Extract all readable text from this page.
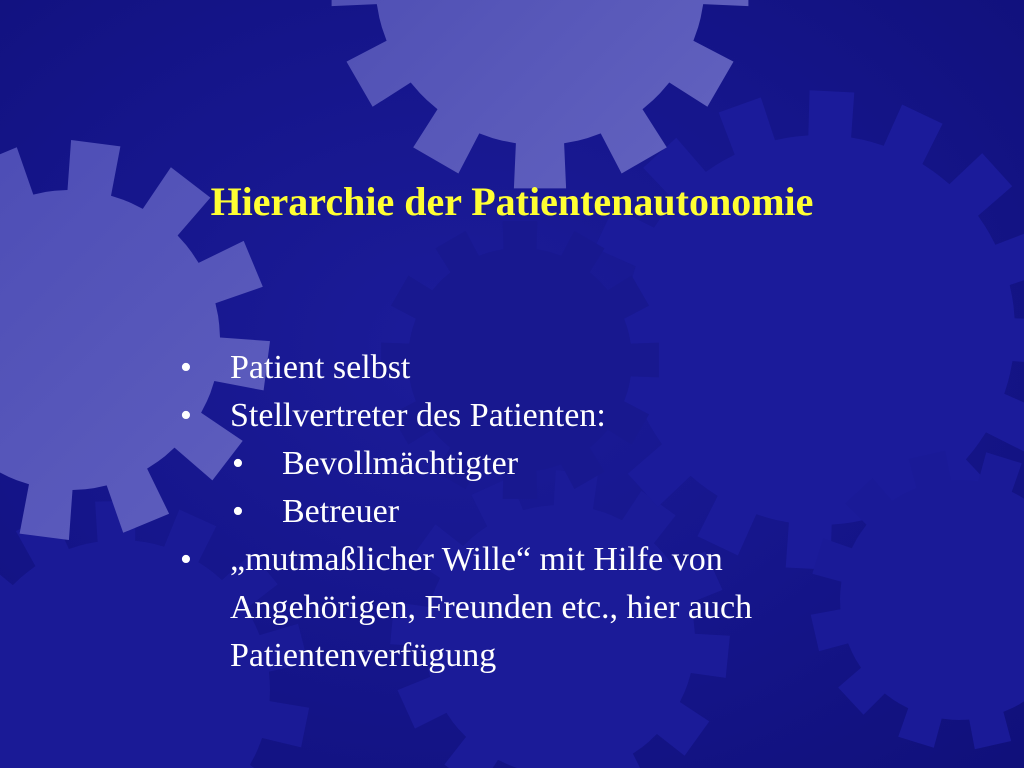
Hierarchie der Patientenautonomie
• Patient selbst
• Stellvertreter des Patienten:
• Bevollmächtigter
• Betreuer
• „mutmaßlicher Wille“ mit Hilfe von
Angehörigen, Freunden etc., hier auch
Patientenverfügung
